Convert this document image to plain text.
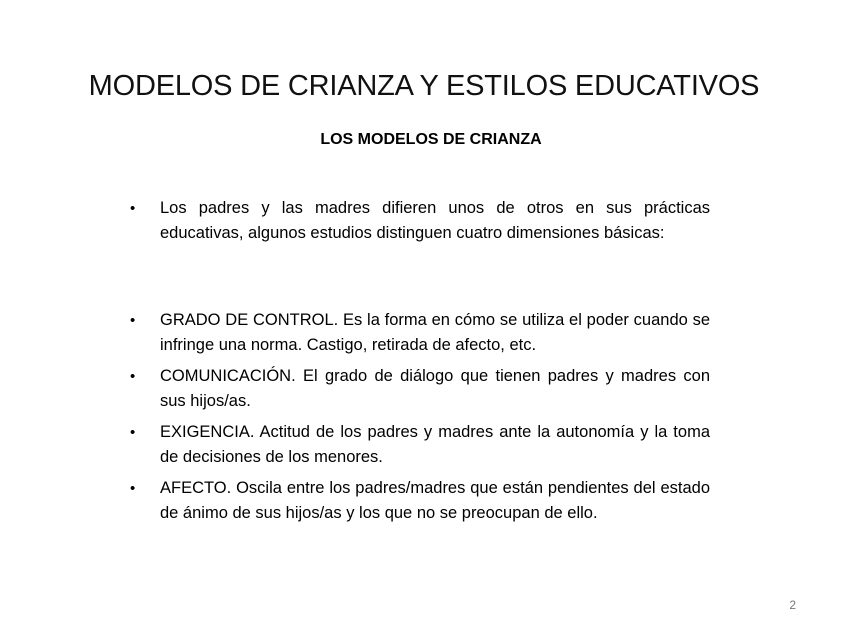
MODELOS DE CRIANZA Y ESTILOS EDUCATIVOS
LOS MODELOS DE CRIANZA
•	Los padres y las madres difieren unos de otros en sus prácticas educativas, algunos estudios distinguen cuatro dimensiones básicas:
•	GRADO DE CONTROL. Es la forma en cómo se utiliza el poder cuando se infringe una norma. Castigo, retirada de afecto, etc.
•	COMUNICACIÓN. El grado de diálogo que tienen padres y madres con sus hijos/as.
•	EXIGENCIA. Actitud de los padres y madres ante la autonomía y la toma de decisiones de los menores.
•	AFECTO. Oscila entre los padres/madres que están pendientes del estado de ánimo de sus hijos/as y los que no se preocupan de ello.
2
